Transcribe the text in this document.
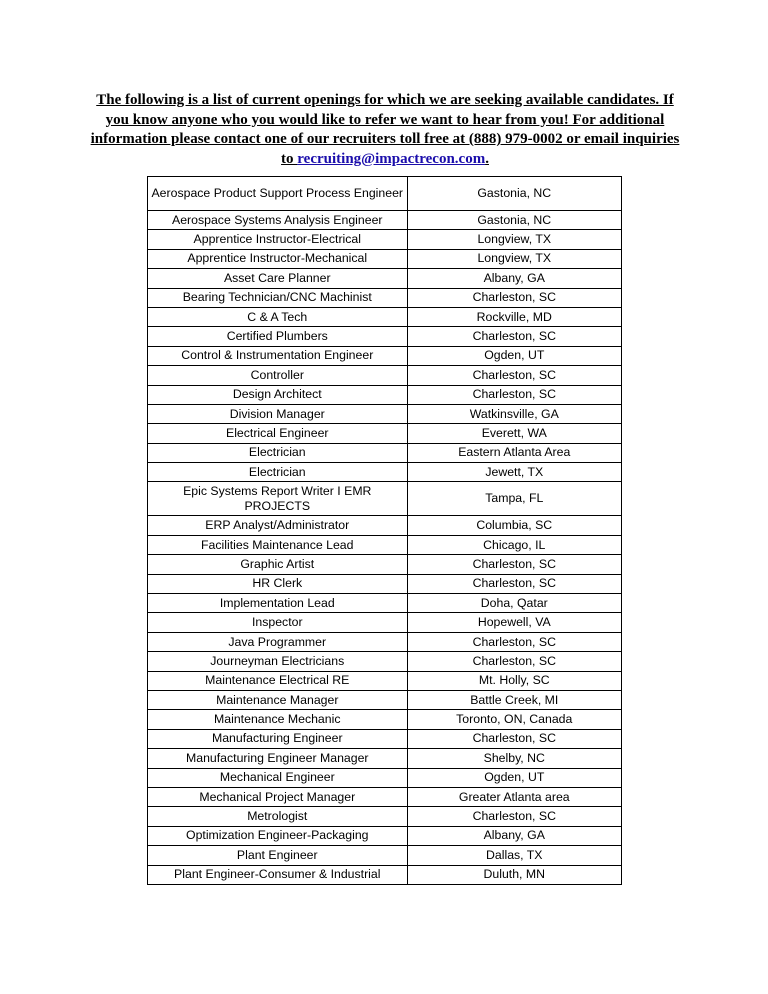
The following is a list of current openings for which we are seeking available candidates. If you know anyone who you would like to refer we want to hear from you! For additional information please contact one of our recruiters toll free at (888) 979-0002 or email inquiries to recruiting@impactrecon.com.
Aerospace Product Support Process Engineer	Gastonia, NC
Aerospace Systems Analysis Engineer	Gastonia, NC
Apprentice Instructor-Electrical	Longview, TX
Apprentice Instructor-Mechanical	Longview, TX
Asset Care Planner	Albany, GA
Bearing Technician/CNC Machinist	Charleston, SC
C & A Tech	Rockville, MD
Certified Plumbers	Charleston, SC
Control & Instrumentation Engineer	Ogden, UT
Controller	Charleston, SC
Design Architect	Charleston, SC
Division Manager	Watkinsville, GA
Electrical Engineer	Everett, WA
Electrician	Eastern Atlanta Area
Electrician	Jewett, TX
Epic Systems Report Writer I EMR PROJECTS	Tampa, FL
ERP Analyst/Administrator	Columbia, SC
Facilities Maintenance Lead	Chicago, IL
Graphic Artist	Charleston, SC
HR Clerk	Charleston, SC
Implementation Lead	Doha, Qatar
Inspector	Hopewell, VA
Java Programmer	Charleston, SC
Journeyman Electricians	Charleston, SC
Maintenance Electrical RE	Mt. Holly, SC
Maintenance Manager	Battle Creek, MI
Maintenance Mechanic	Toronto, ON, Canada
Manufacturing Engineer	Charleston, SC
Manufacturing Engineer Manager	Shelby, NC
Mechanical Engineer	Ogden, UT
Mechanical Project Manager	Greater Atlanta area
Metrologist	Charleston, SC
Optimization Engineer-Packaging	Albany, GA
Plant Engineer	Dallas, TX
Plant Engineer-Consumer & Industrial	Duluth, MN
